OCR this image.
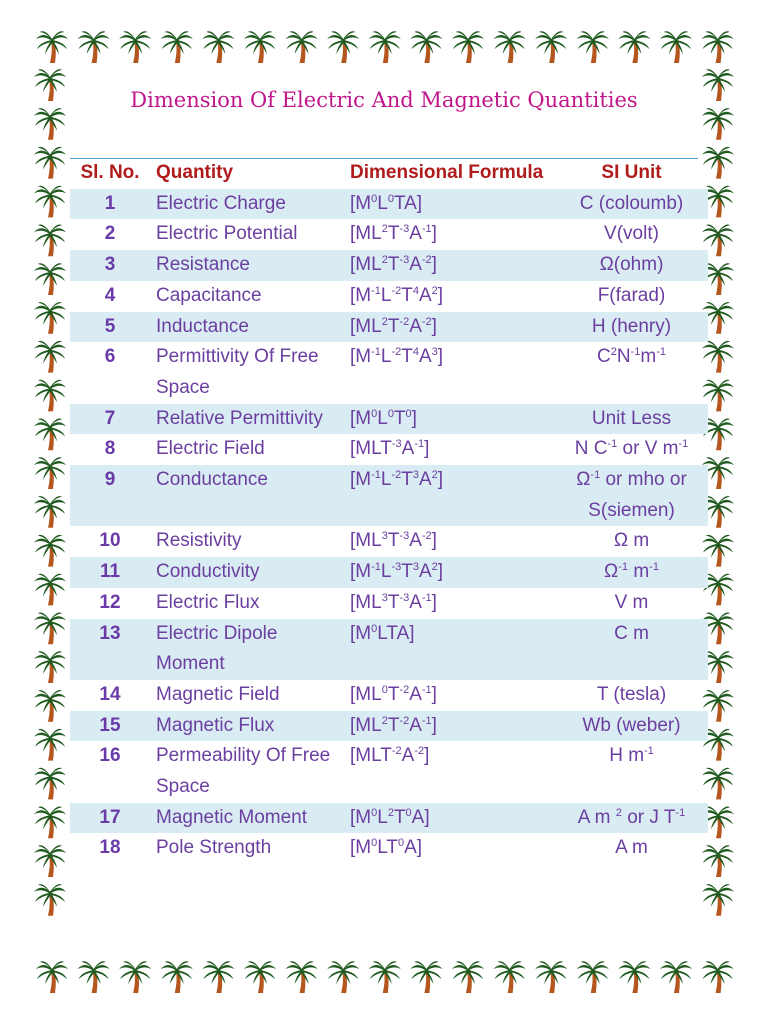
Dimension Of Electric And Magnetic Quantities
Sl. No.	Quantity	Dimensional Formula	SI Unit
1	Electric Charge	$[M^0L^0TA]$	C (coloumb)
2	Electric Potential	$[ML^2T^{-3}A^{-1}]$	V(volt)
3	Resistance	$[ML^2T^{-3}A^{-2}]$	Ω(ohm)
4	Capacitance	$[M^{-1}L^{-2}T^4A^2]$	F(farad)
5	Inductance	$[ML^2T^{-2}A^{-2}]$	H (henry)
6	Permittivity Of Free Space	$[M^{-1}L^{-2}T^4A^3]$	$C^2N^{-1}m^{-1}$
7	Relative Permittivity	$[M^0L^0T^0]$	Unit Less
8	Electric Field	$[MLT^{-3}A^{-1}]$	N $C^{-1}$ or V $m^{-1}$
9	Conductance	$[M^{-1}L^{-2}T^3A^2]$	$\Omega^{-1}$ or mho or S(siemen)
10	Resistivity	$[ML^3T^{-3}A^{-2}]$	Ω m
11	Conductivity	$[M^{-1}L^{-3}T^3A^2]$	$\Omega^{-1}$ $m^{-1}$
12	Electric Flux	$[ML^3T^{-3}A^{-1}]$	V m
13	Electric Dipole Moment	$[M^0LTA]$	C m
14	Magnetic Field	$[ML^0T^{-2}A^{-1}]$	T (tesla)
15	Magnetic Flux	$[ML^2T^{-2}A^{-1}]$	Wb (weber)
16	Permeability Of Free Space	$[MLT^{-2}A^{-2}]$	H $m^{-1}$
17	Magnetic Moment	$[M^0L^2T^0A]$	A m $^2$ or J $T^{-1}$
18	Pole Strength	$[M^0LT^0A]$	A m
